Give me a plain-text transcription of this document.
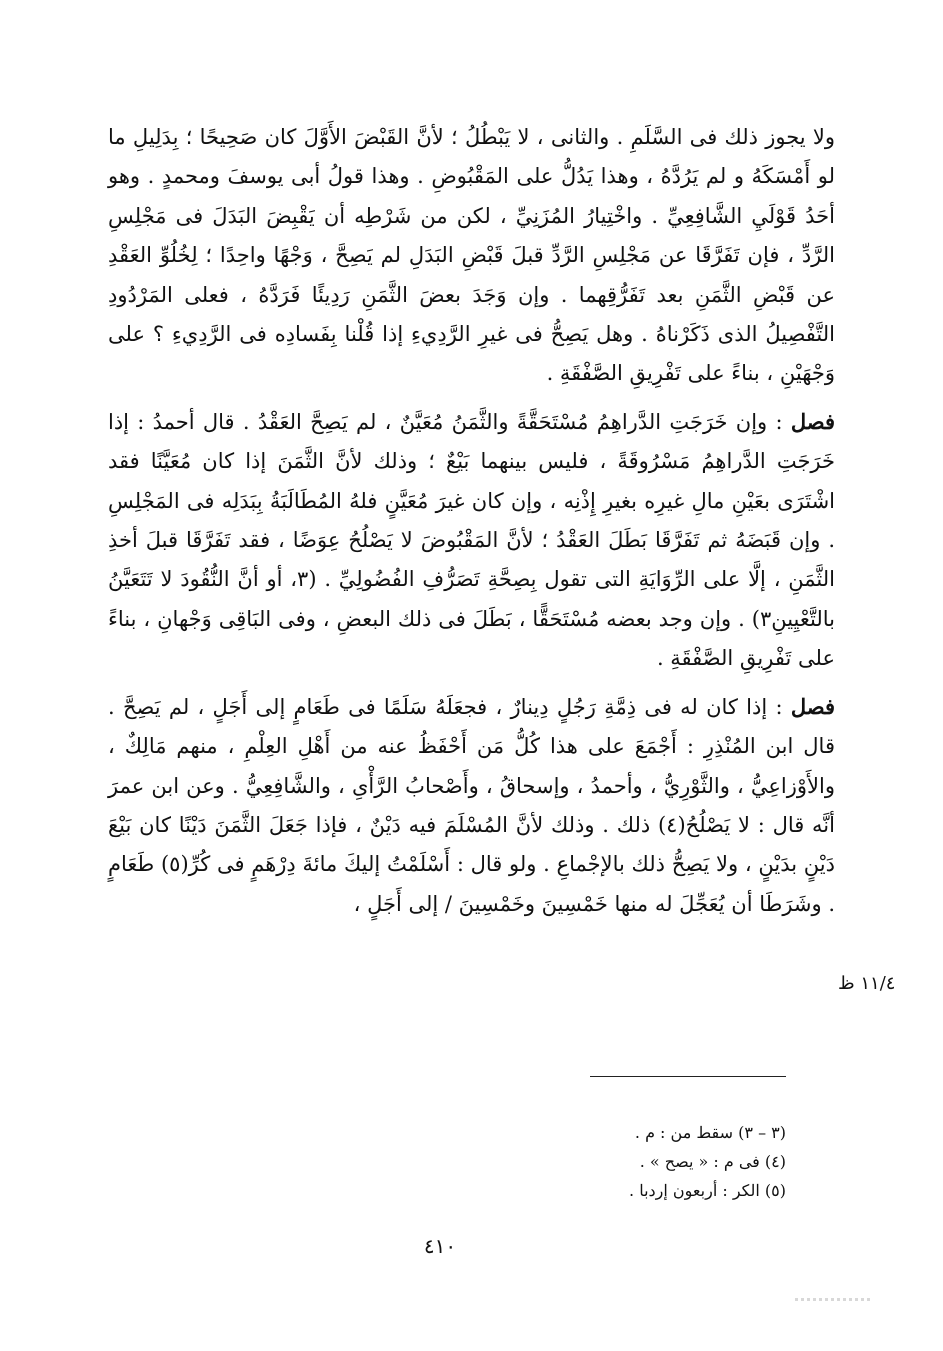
ولا يجوز ذلك فى السَّلَمِ . والثانى ، لا يَبْطُلُ ؛ لأنَّ القَبْضَ الأَوَّلَ كان صَحِيحًا ؛ بِدَلِيلِ ما لو أَمْسَكَهُ و لم يَرُدَّهُ ، وهذا يَدُلُّ على المَقْبُوضِ . وهذا قولُ أبى يوسفَ ومحمدٍ . وهو أحَدُ قَوْلَيِ الشَّافِعِيِّ . واخْتِيارُ المُزَنِيِّ ، لكن من شَرْطِه أن يَقْبِضَ البَدَلَ فى مَجْلِسِ الرَّدِّ ، فإن تَفَرَّقَا عن مَجْلِسِ الرَّدِّ قبلَ قَبْضِ البَدَلِ لم يَصِحَّ ، وَجْهًا واحِدًا ؛ لِخُلُوِّ العَقْدِ عن قَبْضِ الثَّمَنِ بعد تَفَرُّقِهما . وإن وَجَدَ بعضَ الثَّمَنِ رَدِيئًا فَرَدَّهُ ، فعلى المَرْدُودِ التَّفْصِيلُ الذى ذَكَرْناهُ . وهل يَصِحُّ فى غيرِ الرَّدِيءِ إذا قُلْنا بِفَسادِه فى الرَّدِيءِ ؟ على وَجْهَيْنِ ، بناءً على تَفْرِيقِ الصَّفْقَةِ .

فصل : وإن خَرَجَتِ الدَّراهِمُ مُسْتَحَقَّةً والثَّمَنُ مُعَيَّنٌ ، لم يَصِحَّ العَقْدُ . قال أحمدُ : إذا خَرَجَتِ الدَّراهِمُ مَسْرُوقَةً ، فليس بينهما بَيْعٌ ؛ وذلك لأنَّ الثَّمَنَ إذا كان مُعَيَّنًا فقد اشْتَرَى بعَيْنِ مالِ غيرِه بغيرِ إِذْنِه ، وإن كان غيرَ مُعَيَّنٍ فلهُ المُطَالَبَةُ بِبَدَلِه فى المَجْلِسِ . وإن قَبَضَهُ ثم تَفَرَّقَا بَطَلَ العَقْدُ ؛ لأنَّ المَقْبُوضَ لا يَصْلُحُ عِوَضًا ، فقد تَفَرَّقَا قبلَ أخذِ الثَّمَنِ ، إلَّا على الرِّوَايَةِ التى تقول بِصِحَّةِ تَصَرُّفِ الفُضُولِيِّ . (٣، أو أنَّ النُّقُودَ لا تَتَعَيَّنُ بالتَّعْيِينِ٣) . وإن وجد بعضه مُسْتَحَقًّا ، بَطَلَ فى ذلك البعضِ ، وفى البَاقِى وَجْهانِ ، بناءً على تَفْرِيقِ الصَّفْقَةِ .

فصل : إذا كان له فى ذِمَّةِ رَجُلٍ دِينارٌ ، فجعَلَهُ سَلَمًا فى طَعَامٍ إلى أَجَلٍ ، لم يَصِحَّ . قال ابن المُنْذِرِ : أَجْمَعَ على هذا كُلُّ مَن أَحْفَظُ عنه من أَهْلِ العِلْمِ ، منهم مَالِكٌ ، والأَوْزاعِيُّ ، والثَّوْرِيُّ ، وأحمدُ ، وإسحاقُ ، وأَصْحابُ الرَّأْىِ ، والشَّافِعِيُّ . وعن ابن عمرَ أنَّه قال : لا يَصْلُحُ(٤) ذلك . وذلك لأنَّ المُسْلَمَ فيه دَيْنٌ ، فإذا جَعَلَ الثَّمَنَ دَيْنًا كان بَيْعَ دَيْنٍ بدَيْنٍ ، ولا يَصِحُّ ذلك بالإجْماعِ . ولو قال : أَسْلَمْتُ إليكَ مائةَ دِرْهَمٍ فى كُرِّ(٥) طَعَامٍ . وشَرَطَا أن يُعَجِّلَ له منها خَمْسِينَ وخَمْسِينَ / إلى أَجَلٍ ،

١١/٤ ظ
(٣ – ٣) سقط من : م .
(٤) فى م : « يصح » .
(٥) الكر : أربعون إردبا .
٤١٠
